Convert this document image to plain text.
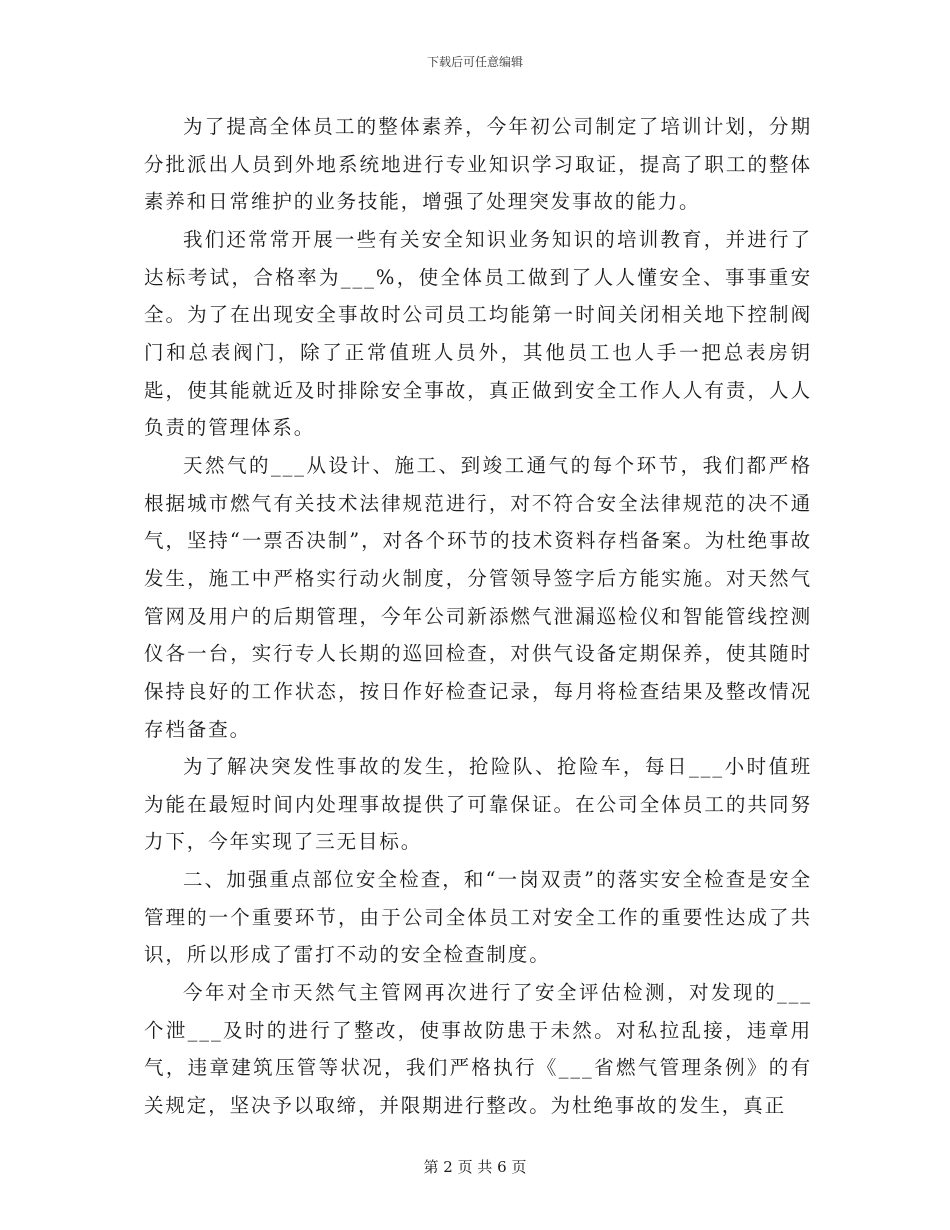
下载后可任意编辑

为了提高全体员工的整体素养，今年初公司制定了培训计划，分期分批派出人员到外地系统地进行专业知识学习取证，提高了职工的整体素养和日常维护的业务技能，增强了处理突发事故的能力。

我们还常常开展一些有关安全知识业务知识的培训教育，并进行了达标考试，合格率为___%，使全体员工做到了人人懂安全、事事重安全。为了在出现安全事故时公司员工均能第一时间关闭相关地下控制阀门和总表阀门，除了正常值班人员外，其他员工也人手一把总表房钥匙，使其能就近及时排除安全事故，真正做到安全工作人人有责，人人负责的管理体系。

天然气的___从设计、施工、到竣工通气的每个环节，我们都严格根据城市燃气有关技术法律规范进行，对不符合安全法律规范的决不通气，坚持“一票否决制”，对各个环节的技术资料存档备案。为杜绝事故发生，施工中严格实行动火制度，分管领导签字后方能实施。对天然气管网及用户的后期管理，今年公司新添燃气泄漏巡检仪和智能管线控测仪各一台，实行专人长期的巡回检查，对供气设备定期保养，使其随时保持良好的工作状态，按日作好检查记录，每月将检查结果及整改情况存档备查。

为了解决突发性事故的发生，抢险队、抢险车，每日___小时值班为能在最短时间内处理事故提供了可靠保证。在公司全体员工的共同努力下，今年实现了三无目标。

二、加强重点部位安全检查，和“一岗双责”的落实安全检查是安全管理的一个重要环节，由于公司全体员工对安全工作的重要性达成了共识，所以形成了雷打不动的安全检查制度。

今年对全市天然气主管网再次进行了安全评估检测，对发现的___个泄___及时的进行了整改，使事故防患于未然。对私拉乱接，违章用气，违章建筑压管等状况，我们严格执行《___省燃气管理条例》的有关规定，坚决予以取缔，并限期进行整改。为杜绝事故的发生，真正

第 2 页 共 6 页
